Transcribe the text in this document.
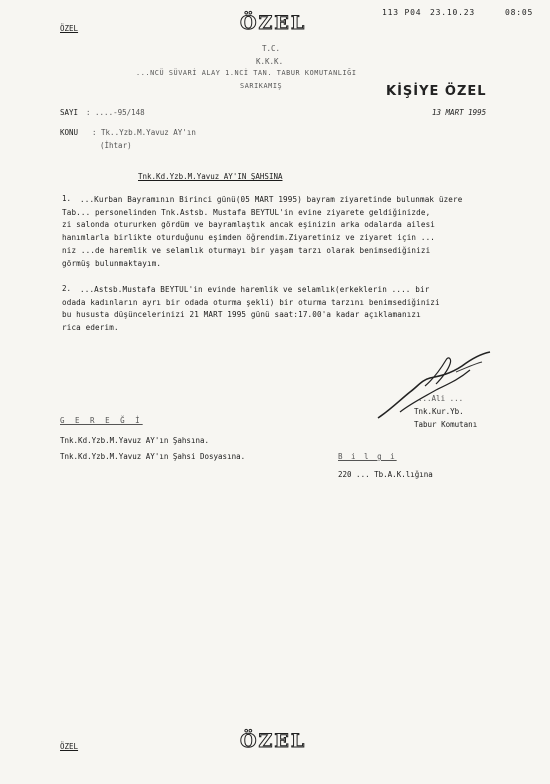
113 P04 23.10.23	08:05
ÖZEL	ÖZEL
T.C.
K.K.K.
...NCÜ SÜVARİ ALAY 1.NCİ TAN. TABUR KOMUTANLIĞI
SARIKAMIŞ	KİŞİYE ÖZEL
SAYI : ....-95/148	13 MART 1995
KONU : Tk..Yzb.M.Yavuz AY'ın
(İhtar)
Tnk.Kd.Yzb.M.Yavuz AY'IN ŞAHSINA
1. ...Kurban Bayramının Birinci günü(05 MART 1995) bayram ziyaretinde bulunmak üzere
Tab... personelinden Tnk.Astsb. Mustafa BEYTUL'in evine ziyarete geldiğinizde,
zi salonda otururken gördüm ve bayramlaştık ancak eşinizin arka odalarda ailesi
hanımlarla birlikte oturduğunu eşimden öğrendim.Ziyaretiniz ve ziyaret için ...
niz ...de haremlik ve selamlık oturmayı bir yaşam tarzı olarak benimsediğinizi
görmüş bulunmaktayım.
2. ...Astsb.Mustafa BEYTUL'in evinde haremlik ve selamlık(erkeklerin .... bir
odada kadınların ayrı bir odada oturma şekli) bir oturma tarzını benimsediğinizi
bu hususta düşüncelerinizi 21 MART 1995 günü saat:17.00'a kadar açıklamanızı
rica ederim.
...Ali ...
Tnk.Kur.Yb.
Tabur Komutanı
G E R E Ğ İ
Tnk.Kd.Yzb.M.Yavuz AY'ın Şahsına.
Tnk.Kd.Yzb.M.Yavuz AY'ın Şahsi Dosyasına.	B i l g i
220 ... Tb.A.K.lığına
ÖZEL	ÖZEL
